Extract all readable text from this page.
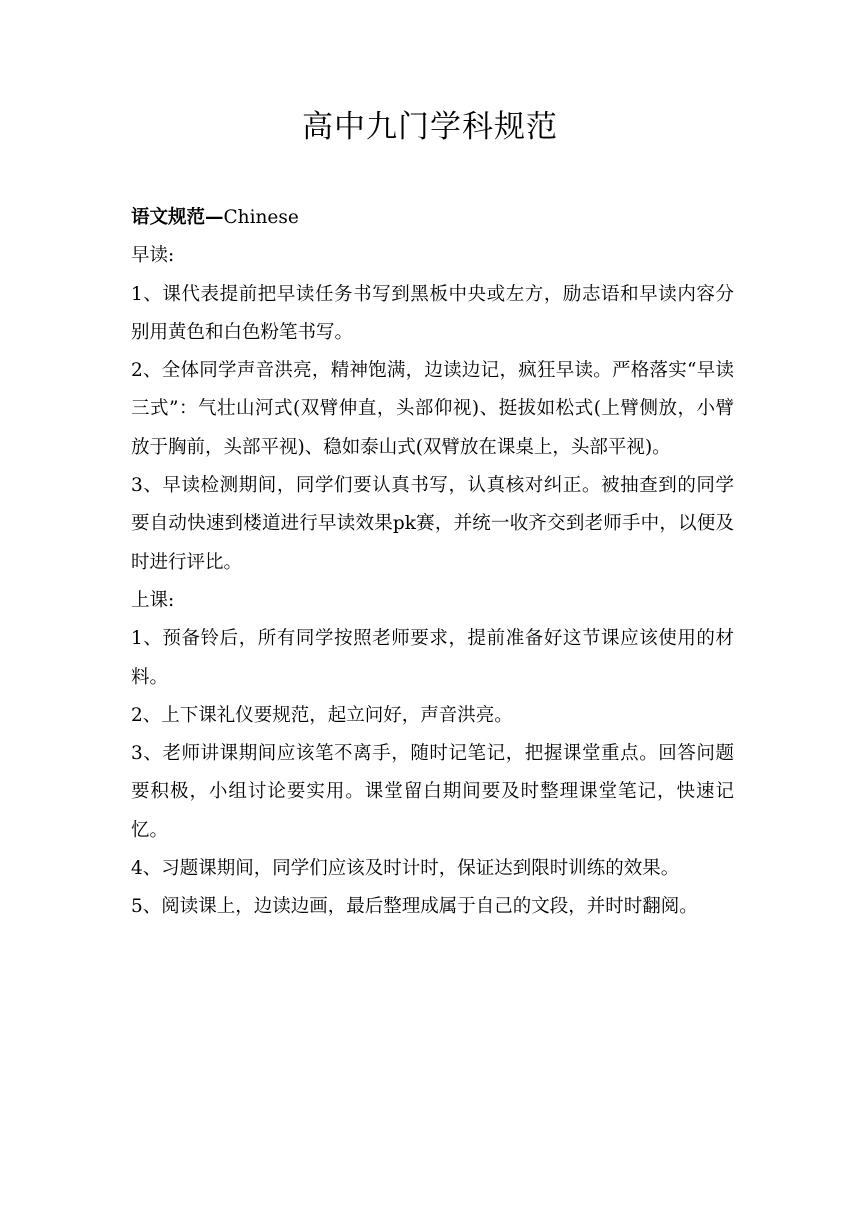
高中九门学科规范

语文规范—Chinese

早读:

1、课代表提前把早读任务书写到黑板中央或左方，励志语和早读内容分别用黄色和白色粉笔书写。

2、全体同学声音洪亮，精神饱满，边读边记，疯狂早读。严格落实“早读三式”：气壮山河式(双臂伸直，头部仰视)、挺拔如松式(上臂侧放，小臂放于胸前，头部平视)、稳如泰山式(双臂放在课桌上，头部平视)。

3、早读检测期间，同学们要认真书写，认真核对纠正。被抽查到的同学要自动快速到楼道进行早读效果pk赛，并统一收齐交到老师手中，以便及时进行评比。

上课:

1、预备铃后，所有同学按照老师要求，提前准备好这节课应该使用的材料。

2、上下课礼仪要规范，起立问好，声音洪亮。

3、老师讲课期间应该笔不离手，随时记笔记，把握课堂重点。回答问题要积极，小组讨论要实用。课堂留白期间要及时整理课堂笔记，快速记忆。

4、习题课期间，同学们应该及时计时，保证达到限时训练的效果。

5、阅读课上，边读边画，最后整理成属于自己的文段，并时时翻阅。
